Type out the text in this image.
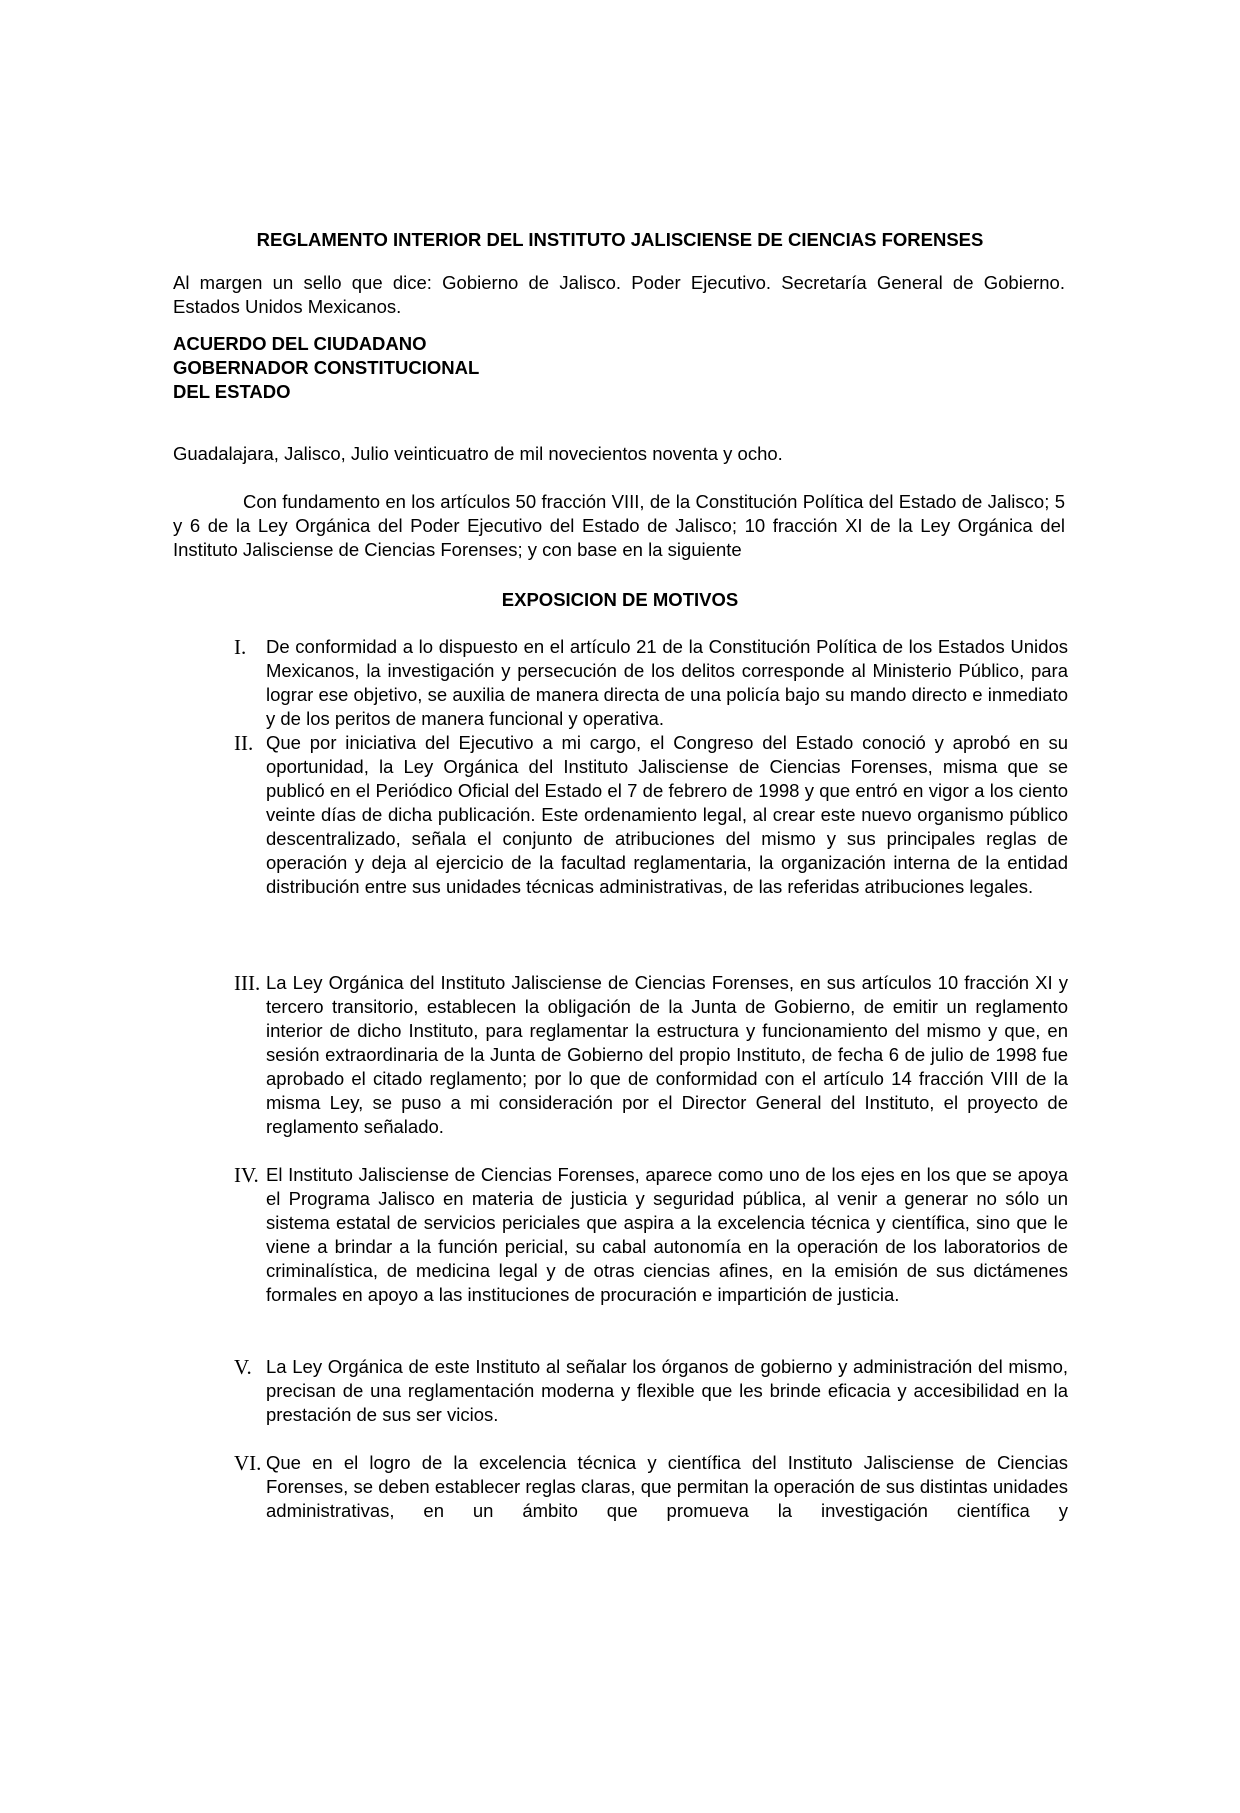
REGLAMENTO INTERIOR DEL INSTITUTO JALISCIENSE DE CIENCIAS FORENSES
Al margen un sello que dice: Gobierno de Jalisco. Poder Ejecutivo. Secretaría General de Gobierno. Estados Unidos Mexicanos.
ACUERDO DEL CIUDADANO
GOBERNADOR CONSTITUCIONAL
DEL ESTADO
Guadalajara, Jalisco, Julio veinticuatro de mil novecientos noventa y ocho.
Con fundamento en los artículos 50 fracción VIII, de la Constitución Política del Estado de Jalisco; 5 y 6 de la Ley Orgánica del Poder Ejecutivo del Estado de Jalisco; 10 fracción XI de la Ley Orgánica del Instituto Jalisciense de Ciencias Forenses; y con base en la siguiente
EXPOSICION DE MOTIVOS
I.	De conformidad a lo dispuesto en el artículo 21 de la Constitución Política de los Estados Unidos Mexicanos, la investigación y persecución de los delitos corresponde al Ministerio Público, para lograr ese objetivo, se auxilia de manera directa de una policía bajo su mando directo e inmediato y de los peritos de manera funcional y operativa.
II. Que por iniciativa del Ejecutivo a mi cargo, el Congreso del Estado conoció y aprobó en su oportunidad, la Ley Orgánica del Instituto Jalisciense de Ciencias Forenses, misma que se publicó en el Periódico Oficial del Estado el 7 de febrero de 1998 y que entró en vigor a los ciento veinte días de dicha publicación. Este ordenamiento legal, al crear este nuevo organismo público descentralizado, señala el conjunto de atribuciones del mismo y sus principales reglas de operación y deja al ejercicio de la facultad reglamentaria, la organización interna de la entidad distribución entre sus unidades técnicas administrativas, de las referidas atribuciones legales.
III. La Ley Orgánica del Instituto Jalisciense de Ciencias Forenses, en sus artículos 10 fracción XI y tercero transitorio, establecen la obligación de la Junta de Gobierno, de emitir un reglamento interior de dicho Instituto, para reglamentar la estructura y funcionamiento del mismo y que, en sesión extraordinaria de la Junta de Gobierno del propio Instituto, de fecha 6 de julio de 1998 fue aprobado el citado reglamento; por lo que de conformidad con el artículo 14 fracción VIII de la misma Ley, se puso a mi consideración por el Director General del Instituto, el proyecto de reglamento señalado.
IV. El Instituto Jalisciense de Ciencias Forenses, aparece como uno de los ejes en los que se apoya el Programa Jalisco en materia de justicia y seguridad pública, al venir a generar no sólo un sistema estatal de servicios periciales que aspira a la excelencia técnica y científica, sino que le viene a brindar a la función pericial, su cabal autonomía en la operación de los laboratorios de criminalística, de medicina legal y de otras ciencias afines, en la emisión de sus dictámenes formales en apoyo a las instituciones de procuración e impartición de justicia.
V. La Ley Orgánica de este Instituto al señalar los órganos de gobierno y administración del mismo, precisan de una reglamentación moderna y flexible que les brinde eficacia y accesibilidad en la prestación de sus ser vicios.
VI. Que en el logro de la excelencia técnica y científica del Instituto Jalisciense de Ciencias Forenses, se deben establecer reglas claras, que permitan la operación de sus distintas unidades administrativas, en un ámbito que promueva la investigación científica y
